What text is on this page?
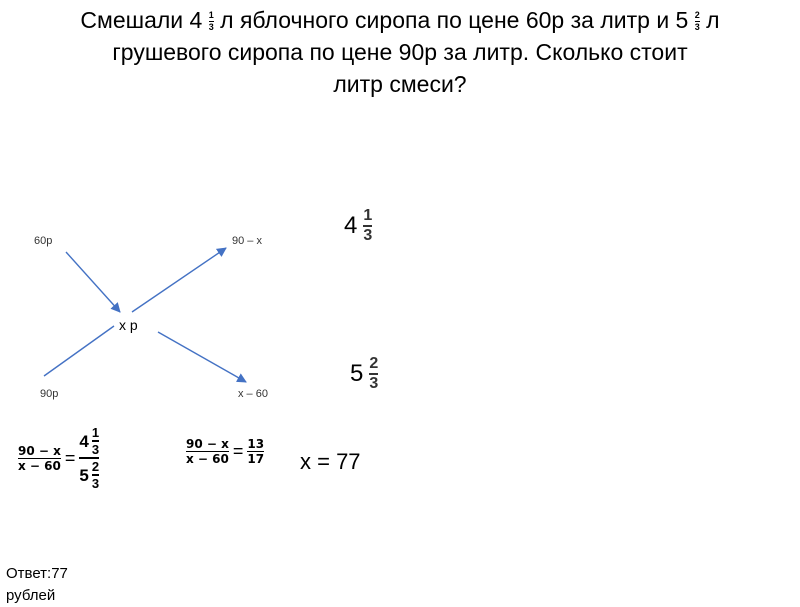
Смешали $4 \frac{1}{3}$ л яблочного сиропа по цене 60р за литр и $5 \frac{2}{3}$ л
грушевого сиропа по цене 90р за литр. Сколько стоит
литр смеси?
60р	90 – х
х р
90р	х – 60
$4 \frac{1}{3}$
$5 \frac{2}{3}$
$\frac{90 - x}{x - 60} = \frac{4 \frac{1}{3}}{5 \frac{2}{3}}$	$\frac{90 - x}{x - 60} = \frac{13}{17}$ х = 77
Ответ:77 рублей
